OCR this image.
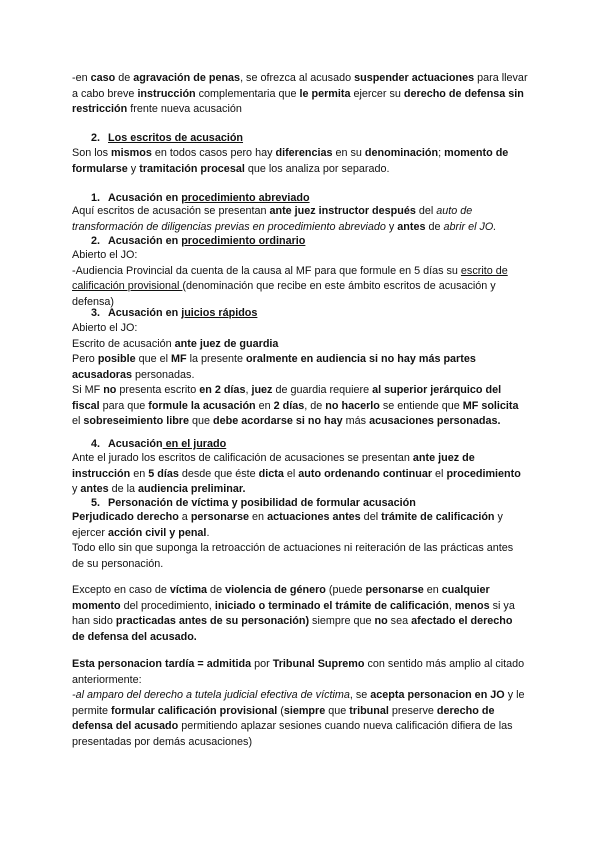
-en caso de agravación de penas, se ofrezca al acusado suspender actuaciones para llevar a cabo breve instrucción complementaria que le permita ejercer su derecho de defensa sin restricción frente nueva acusación

2. Los escritos de acusación

Son los mismos en todos casos pero hay diferencias en su denominación; momento de formularse y tramitación procesal que los analiza por separado.

1. Acusación en procedimiento abreviado

Aquí escritos de acusación se presentan ante juez instructor después del auto de transformación de diligencias previas en procedimiento abreviado y antes de abrir el JO.

2. Acusación en procedimiento ordinario

Abierto el JO:
-Audiencia Provincial da cuenta de la causa al MF para que formule en 5 días su escrito de calificación provisional (denominación que recibe en este ámbito escritos de acusación y defensa)

3. Acusación en juicios rápidos

Abierto el JO:
Escrito de acusación ante juez de guardia
Pero posible que el MF la presente oralmente en audiencia si no hay más partes acusadoras personadas.
Si MF no presenta escrito en 2 días, juez de guardia requiere al superior jerárquico del fiscal para que formule la acusación en 2 días, de no hacerlo se entiende que MF solicita el sobreseimiento libre que debe acordarse si no hay más acusaciones personadas.

4. Acusación en el jurado

Ante el jurado los escritos de calificación de acusaciones se presentan ante juez de instrucción en 5 días desde que éste dicta el auto ordenando continuar el procedimiento y antes de la audiencia preliminar.

5. Personación de víctima y posibilidad de formular acusación

Perjudicado derecho a personarse en actuaciones antes del trámite de calificación y ejercer acción civil y penal.
Todo ello sin que suponga la retroacción de actuaciones ni reiteración de las prácticas antes de su personación.

Excepto en caso de víctima de violencia de género (puede personarse en cualquier momento del procedimiento, iniciado o terminado el trámite de calificación, menos si ya han sido practicadas antes de su personación) siempre que no sea afectado el derecho de defensa del acusado.

Esta personacion tardía = admitida por Tribunal Supremo con sentido más amplio al citado anteriormente:
-al amparo del derecho a tutela judicial efectiva de víctima, se acepta personacion en JO y le permite formular calificación provisional (siempre que tribunal preserve derecho de defensa del acusado permitiendo aplazar sesiones cuando nueva calificación difiera de las presentadas por demás acusaciones)
